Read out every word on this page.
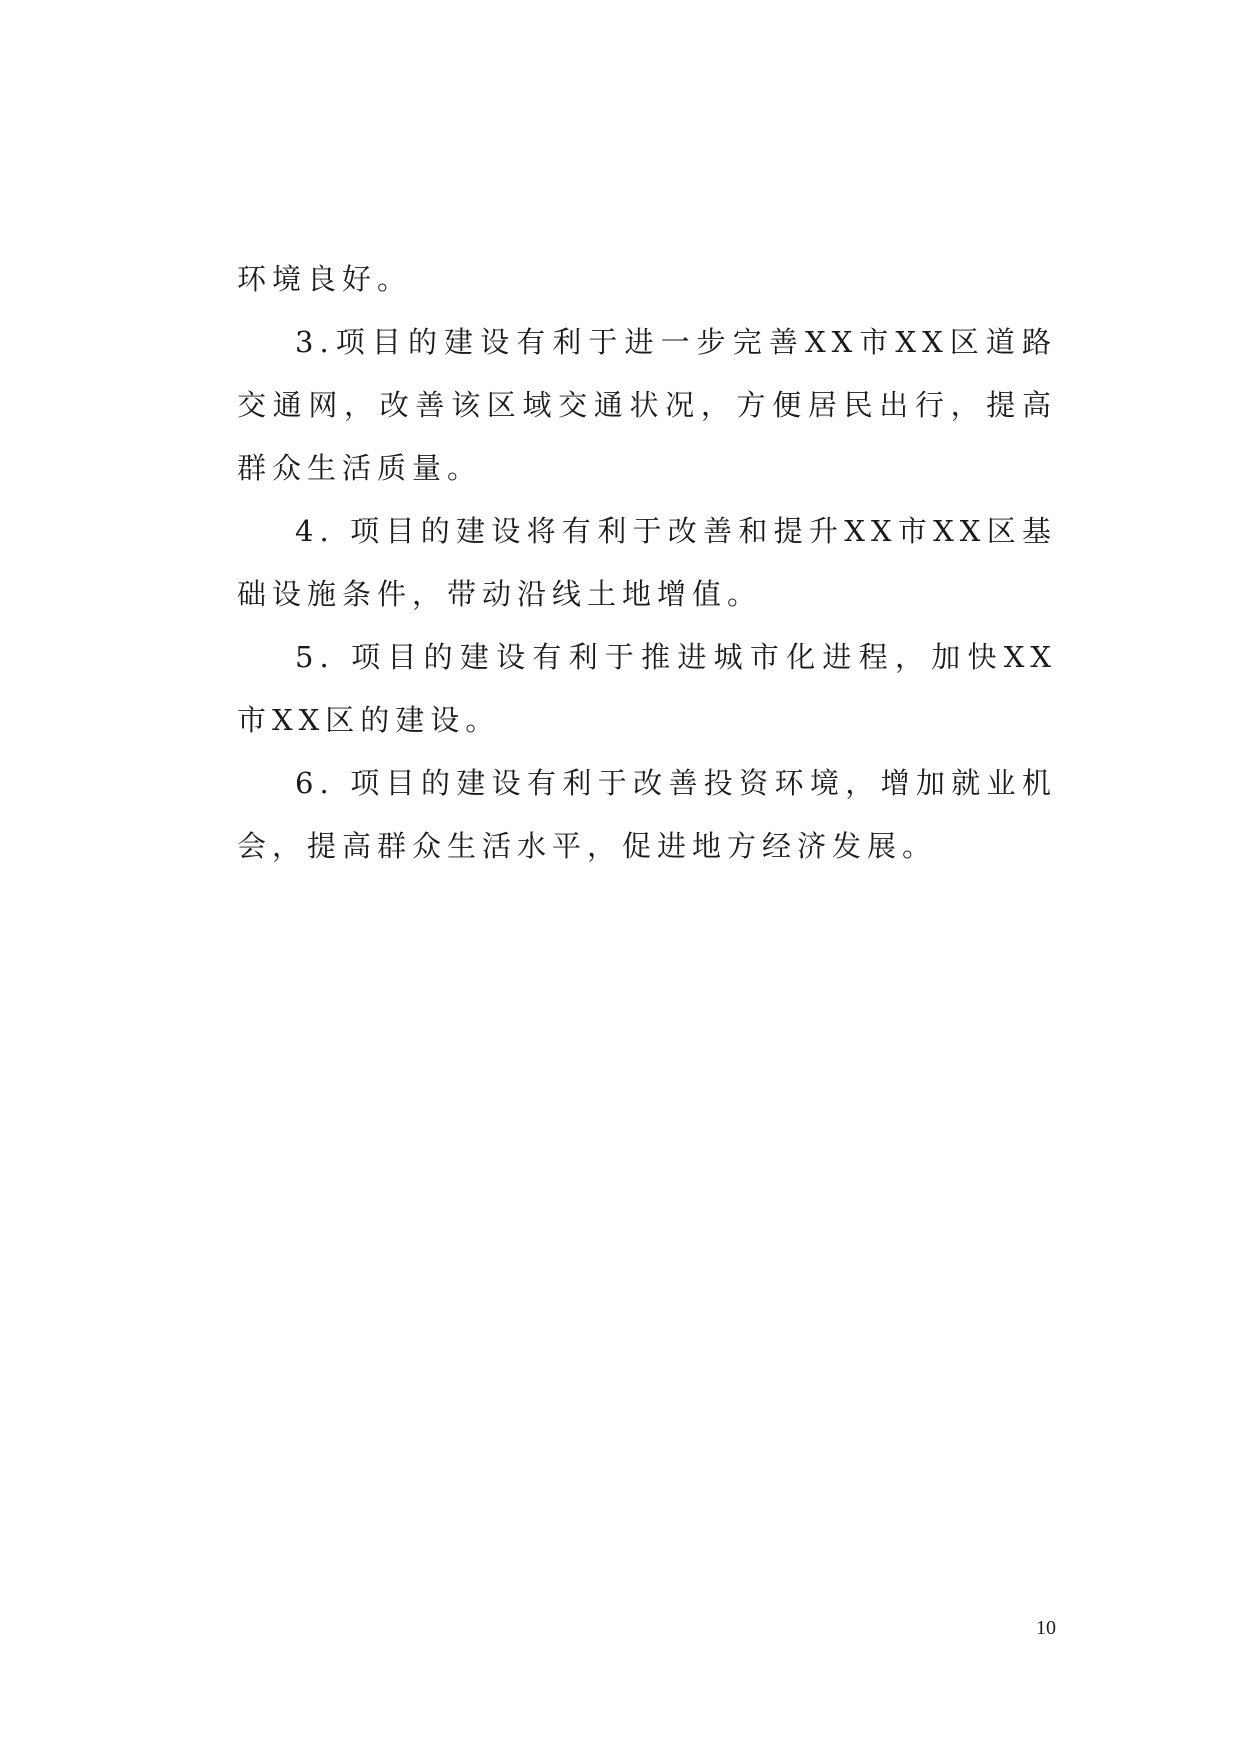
环境良好。

3.项目的建设有利于进一步完善XX市XX区道路交通网，改善该区域交通状况，方便居民出行，提高群众生活质量。

4. 项目的建设将有利于改善和提升XX市XX区基础设施条件，带动沿线土地增值。

5. 项目的建设有利于推进城市化进程，加快XX市XX区的建设。

6. 项目的建设有利于改善投资环境，增加就业机会，提高群众生活水平，促进地方经济发展。

10
